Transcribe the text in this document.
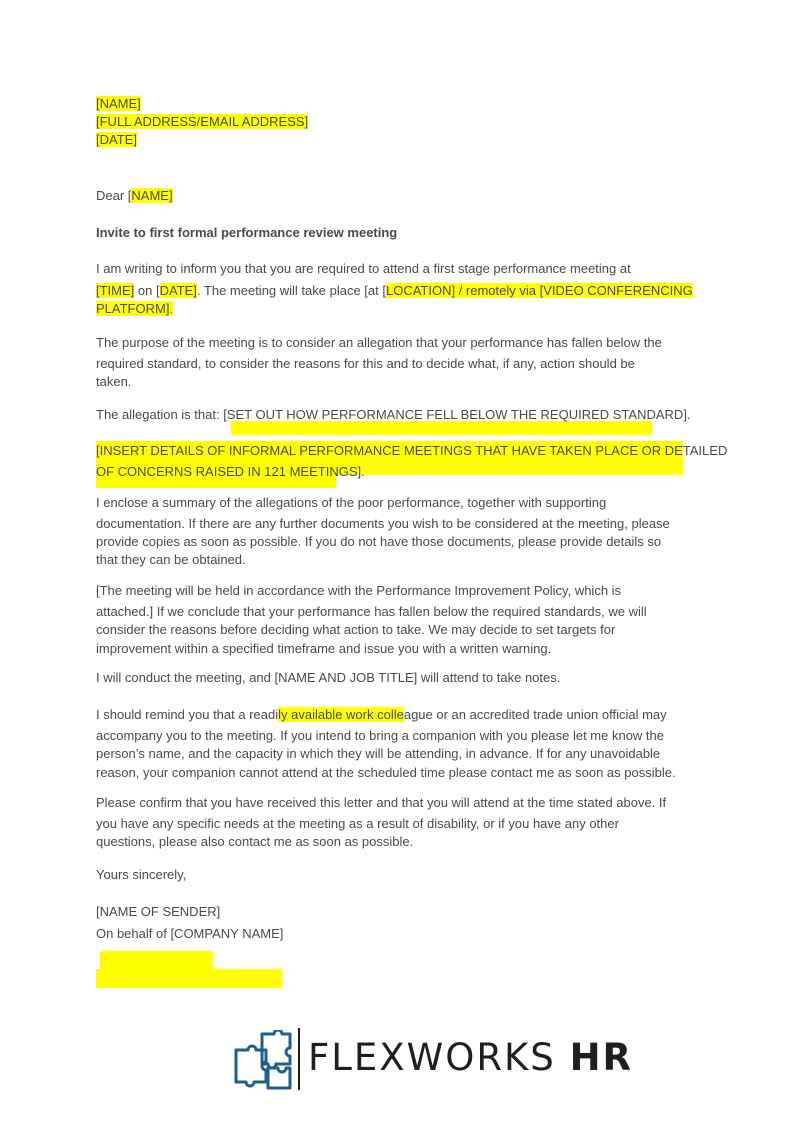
[NAME]
[FULL ADDRESS/EMAIL ADDRESS]
[DATE]
Dear [NAME]
Invite to first formal performance review meeting
I am writing to inform you that you are required to attend a first stage performance meeting at
[TIME] on [DATE]. The meeting will take place [at [LOCATION] / remotely via [VIDEO CONFERENCING
PLATFORM].
The purpose of the meeting is to consider an allegation that your performance has fallen below the
required standard, to consider the reasons for this and to decide what, if any, action should be
taken.
The allegation is that: [SET OUT HOW PERFORMANCE FELL BELOW THE REQUIRED STANDARD].
[INSERT DETAILS OF INFORMAL PERFORMANCE MEETINGS THAT HAVE TAKEN PLACE OR DETAILED
OF CONCERNS RAISED IN 121 MEETINGS].
I enclose a summary of the allegations of the poor performance, together with supporting
documentation. If there are any further documents you wish to be considered at the meeting, please
provide copies as soon as possible. If you do not have those documents, please provide details so
that they can be obtained.
[The meeting will be held in accordance with the Performance Improvement Policy, which is
attached.] If we conclude that your performance has fallen below the required standards, we will
consider the reasons before deciding what action to take. We may decide to set targets for
improvement within a specified timeframe and issue you with a written warning.
I will conduct the meeting, and [NAME AND JOB TITLE] will attend to take notes.
I should remind you that a readily available work colleague or an accredited trade union official may
accompany you to the meeting. If you intend to bring a companion with you please let me know the
person’s name, and the capacity in which they will be attending, in advance. If for any unavoidable
reason, your companion cannot attend at the scheduled time please contact me as soon as possible.
Please confirm that you have received this letter and that you will attend at the time stated above. If
you have any specific needs at the meeting as a result of disability, or if you have any other
questions, please also contact me as soon as possible.
Yours sincerely,
[NAME OF SENDER]
On behalf of [COMPANY NAME]
FLEXWORKS HR
